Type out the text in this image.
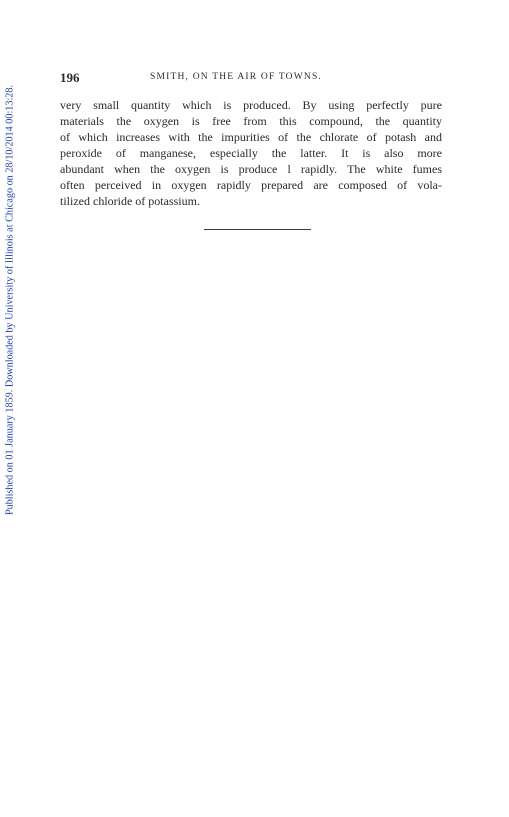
Published on 01 January 1859. Downloaded by University of Illinois at Chicago on 28/10/2014 00:13:28.
196	SMITH, ON THE AIR OF TOWNS.
very small quantity which is produced. By using perfectly pure
materials the oxygen is free from this compound, the quantity
of which increases with the impurities of the chlorate of potash and
peroxide of manganese, especially the latter. It is also more
abundant when the oxygen is produce l rapidly. The white fumes
often perceived in oxygen rapidly prepared are composed of vola-
tilized chloride of potassium.
